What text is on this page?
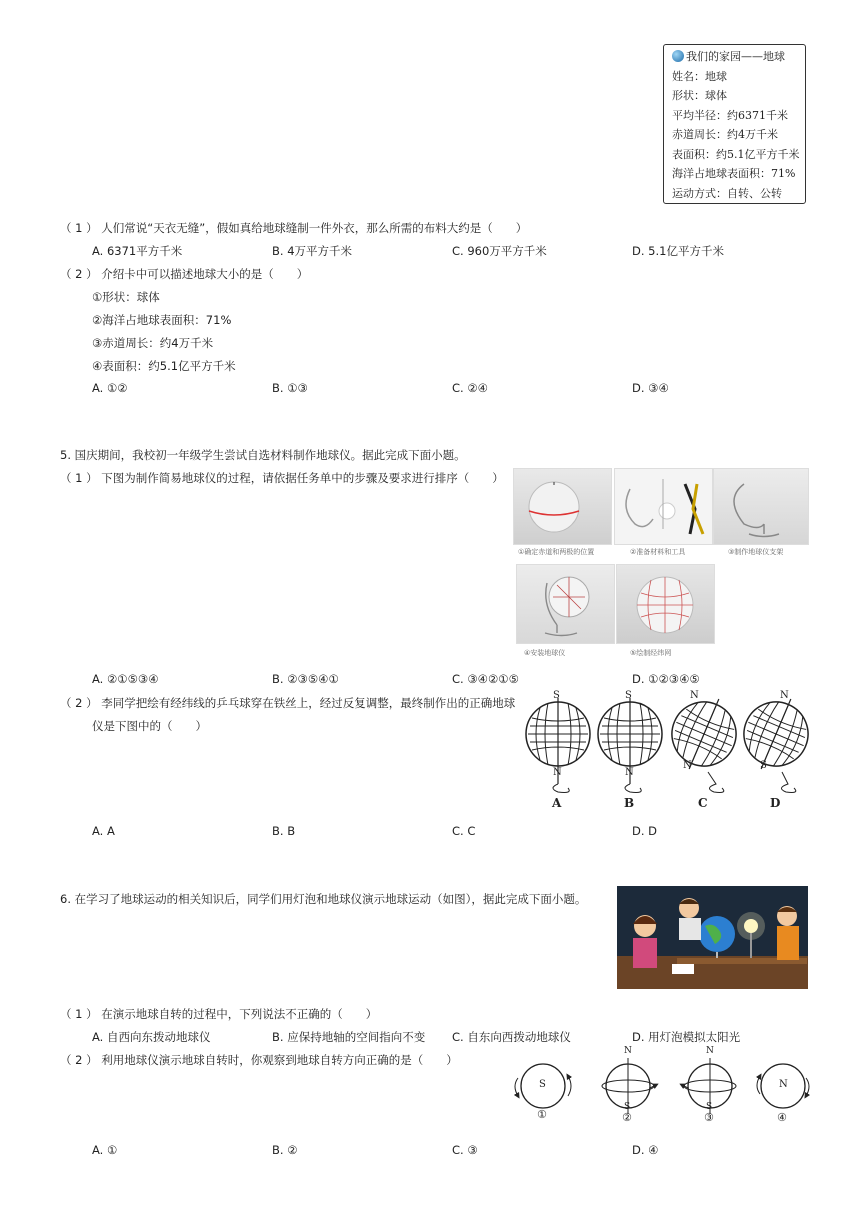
我们的家园——地球
姓名：地球
形状：球体
平均半径：约6371千米
赤道周长：约4万千米
表面积：约5.1亿平方千米
海洋占地球表面积：71%
运动方式：自转、公转
（ 1 ） 人们常说“天衣无缝”，假如真给地球缝制一件外衣，那么所需的布料大约是（　　）
A. 6371平方千米	B. 4万平方千米	C. 960万平方千米	D. 5.1亿平方千米
（ 2 ） 介绍卡中可以描述地球大小的是（　　）
①形状：球体
②海洋占地球表面积：71%
③赤道周长：约4万千米
④表面积：约5.1亿平方千米
A. ①②	B. ①③	C. ②④	D. ③④
5. 国庆期间，我校初一年级学生尝试自选材料制作地球仪。据此完成下面小题。
（ 1 ） 下图为制作简易地球仪的过程，请依据任务单中的步骤及要求进行排序（　　）
①确定赤道和两极的位置	②准备材料和工具	③制作地球仪支架
④安装地球仪	⑤绘制经纬网
A. ②①⑤③④	B. ②③⑤④①	C. ③④②①⑤	D. ①②③④⑤
（ 2 ） 李同学把绘有经纬线的乒乓球穿在铁丝上，经过反复调整，最终制作出的正确地球
仪是下图中的（　　）
S	S	N	N
N	N
N	S
A	B	C	D
A. A	B. B	C. C	D. D
6. 在学习了地球运动的相关知识后，同学们用灯泡和地球仪演示地球运动（如图），据此完成下面小题。
（ 1 ） 在演示地球自转的过程中，下列说法不正确的（　　）
A. 自西向东拨动地球仪	B. 应保持地轴的空间指向不变 C. 自东向西拨动地球仪	D. 用灯泡模拟太阳光
（ 2 ） 利用地球仪演示地球自转时，你观察到地球自转方向正确的是（　　）
S	N
N	N
S	S
①	②	③	④
A. ①	B. ②	C. ③	D. ④
